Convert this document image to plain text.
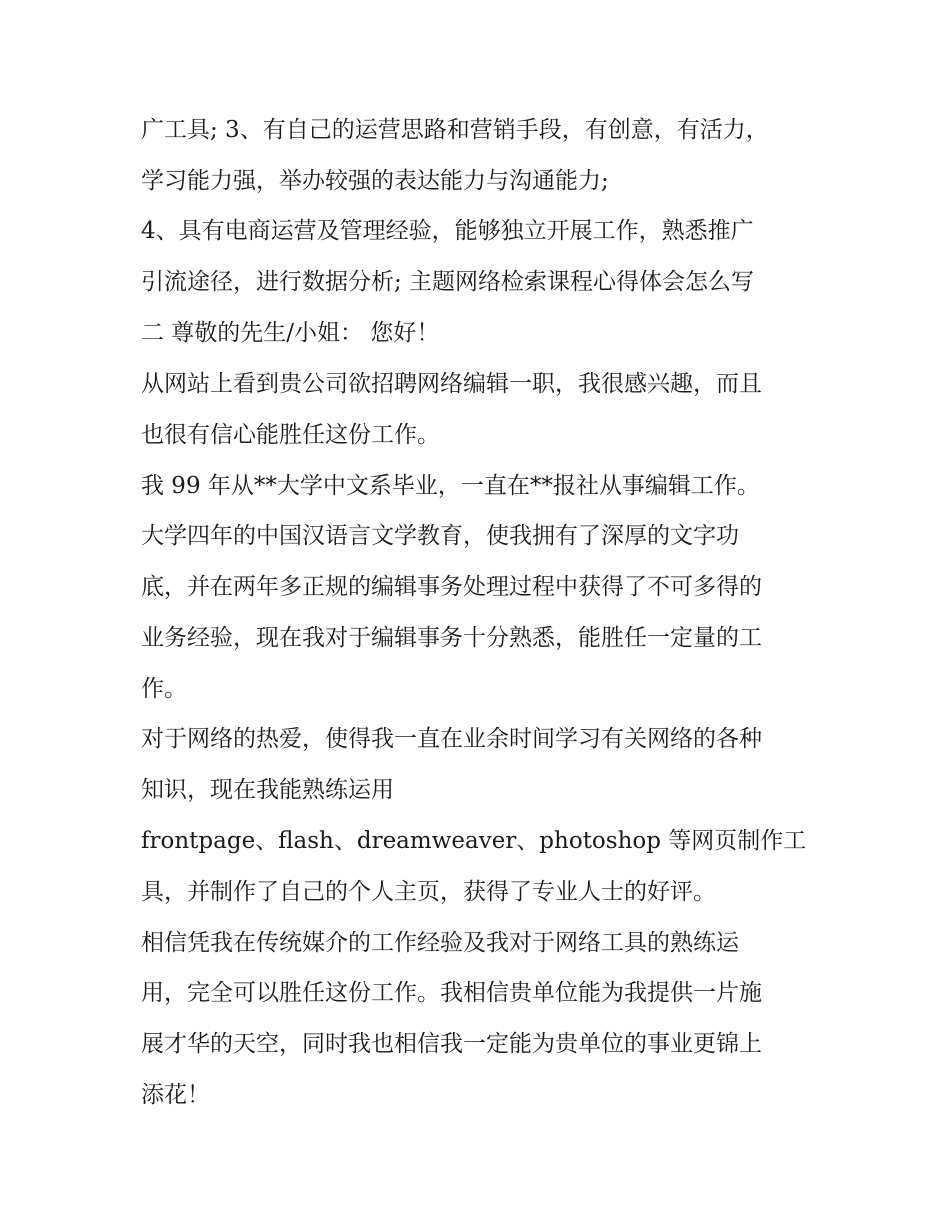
广工具; 3、有自己的运营思路和营销手段，有创意，有活力，
学习能力强，举办较强的表达能力与沟通能力;
4、具有电商运营及管理经验，能够独立开展工作，熟悉推广
引流途径，进行数据分析; 主题网络检索课程心得体会怎么写
二 尊敬的先生/小姐： 您好！
从网站上看到贵公司欲招聘网络编辑一职，我很感兴趣，而且
也很有信心能胜任这份工作。
我 99 年从**大学中文系毕业，一直在**报社从事编辑工作。
大学四年的中国汉语言文学教育，使我拥有了深厚的文字功
底，并在两年多正规的编辑事务处理过程中获得了不可多得的
业务经验，现在我对于编辑事务十分熟悉，能胜任一定量的工
作。
对于网络的热爱，使得我一直在业余时间学习有关网络的各种
知识，现在我能熟练运用
frontpage、flash、dreamweaver、photoshop 等网页制作工
具，并制作了自己的个人主页，获得了专业人士的好评。
相信凭我在传统媒介的工作经验及我对于网络工具的熟练运
用，完全可以胜任这份工作。我相信贵单位能为我提供一片施
展才华的天空，同时我也相信我一定能为贵单位的事业更锦上
添花！
